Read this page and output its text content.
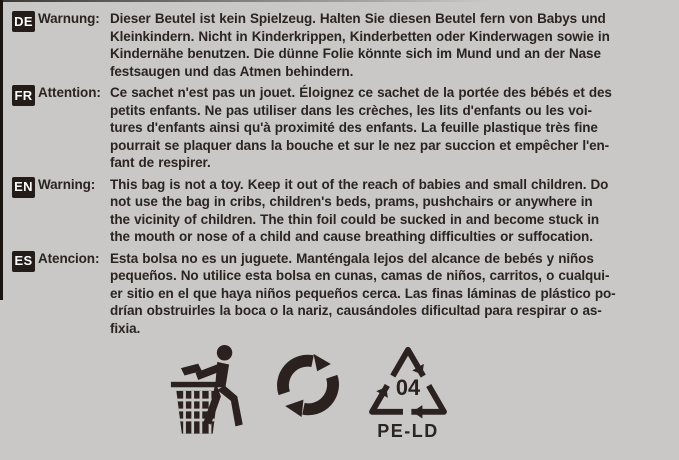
DE Warnung: Dieser Beutel ist kein Spielzeug. Halten Sie diesen Beutel fern von Babys und
Kleinkindern. Nicht in Kinderkrippen, Kinderbetten oder Kinderwagen sowie in
Kindernähe benutzen. Die dünne Folie könnte sich im Mund und an der Nase
festsaugen und das Atmen behindern.
FR Attention: Ce sachet n'est pas un jouet. Éloignez ce sachet de la portée des bébés et des
petits enfants. Ne pas utiliser dans les crèches, les lits d'enfants ou les voi-
tures d'enfants ainsi qu'à proximité des enfants. La feuille plastique très fine
pourrait se plaquer dans la bouche et sur le nez par succion et empêcher l'en-
fant de respirer.
EN Warning: This bag is not a toy. Keep it out of the reach of babies and small children. Do
not use the bag in cribs, children's beds, prams, pushchairs or anywhere in
the vicinity of children. The thin foil could be sucked in and become stuck in
the mouth or nose of a child and cause breathing difficulties or suffocation.
ES Atencion: Esta bolsa no es un juguete. Manténgala lejos del alcance de bebés y niños
pequeños. No utilice esta bolsa en cunas, camas de niños, carritos, o cualqui-
er sitio en el que haya niños pequeños cerca. Las finas láminas de plástico po-
drían obstruirles la boca o la nariz, causándoles dificultad para respirar o as-
fixia.
04
PE-LD
